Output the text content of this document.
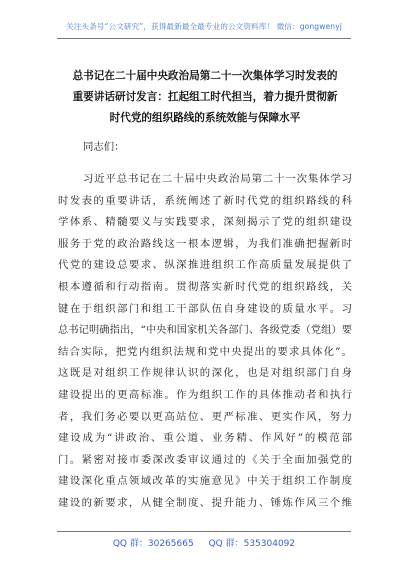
关注头条号“公文研究”，获得最新最全最专业的公文资料库！ 微信：gongwenyj
总书记在二十届中央政治局第二十一次集体学习时发表的
重要讲话研讨发言：扛起组工时代担当，着力提升贯彻新
时代党的组织路线的系统效能与保障水平
同志们：
习近平总书记在二十届中央政治局第二十一次集体学习
时发表的重要讲话，系统阐述了新时代党的组织路线的科
学体系、精髓要义与实践要求，深刻揭示了党的组织建设
服务于党的政治路线这一根本逻辑，为我们准确把握新时
代党的建设总要求、纵深推进组织工作高质量发展提供了
根本遵循和行动指南。贯彻落实新时代党的组织路线，关
键在于组织部门和组工干部队伍自身建设的质量水平。习
总书记明确指出，“中央和国家机关各部门、各级党委（党组）要
结合实际，把党内组织法规和党中央提出的要求具体化”。
这既是对组织工作规律认识的深化，也是对组织部门自身
建设提出的更高标准。作为组织工作的具体推动者和执行
者，我们务必要以更高站位、更严标准、更实作风，努力
建设成为“讲政治、重公道、业务精、作风好”的模范部
门。紧密对接市委深改委审议通过的《关于全面加强党的
建设深化重点领域改革的实施意见》中关于组织工作制度
建设的新要求，从健全制度、提升能力、锤炼作风三个维
QQ 群：30265665 QQ 群：535304092
